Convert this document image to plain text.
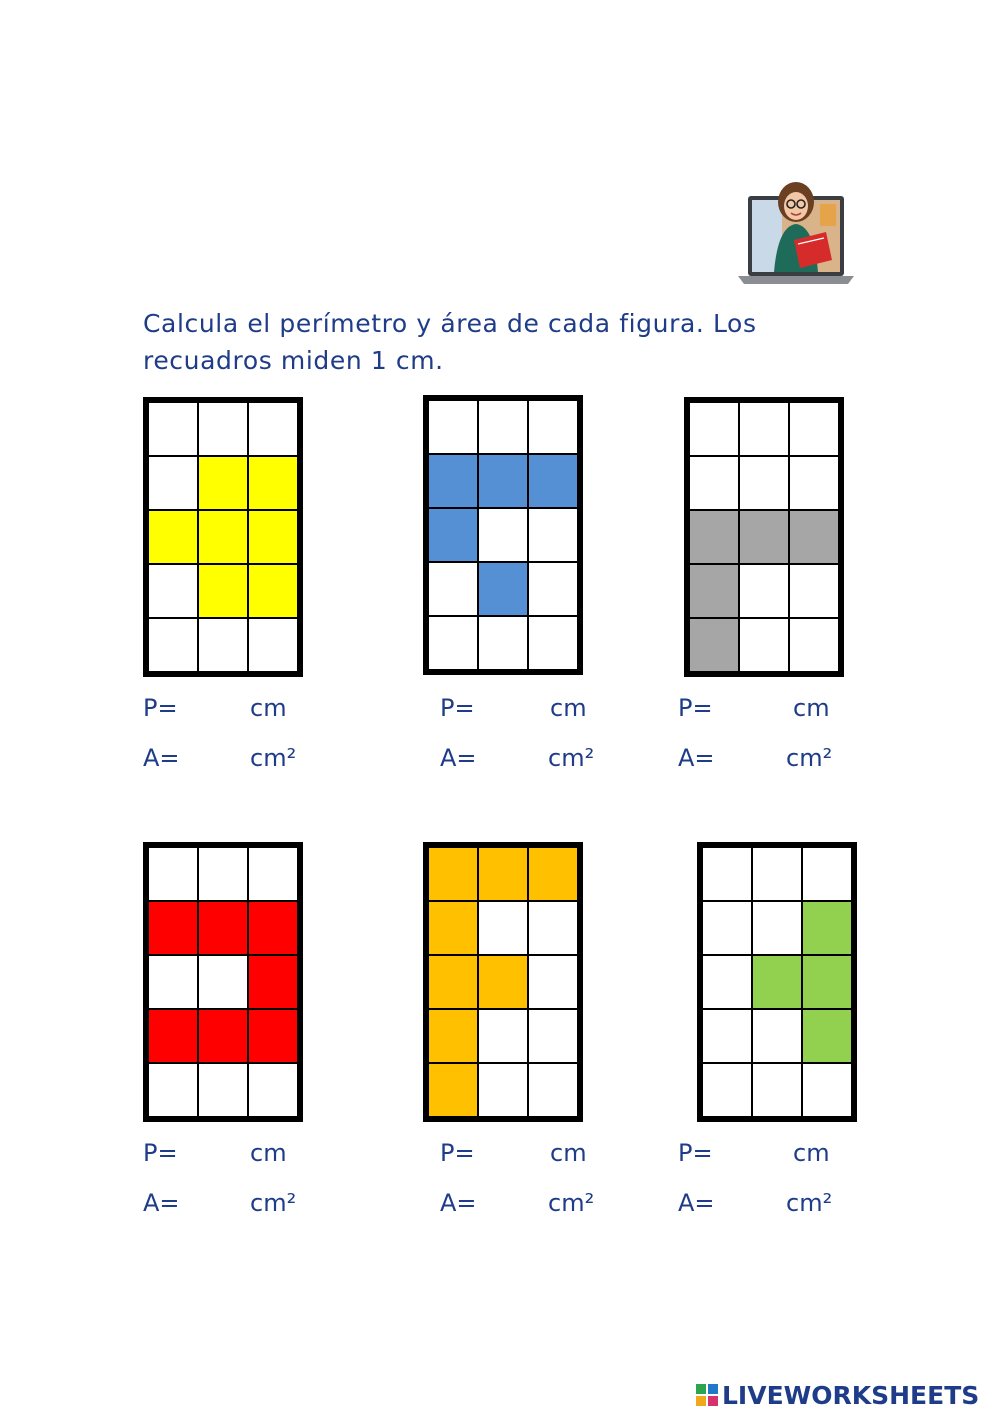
Calcula el perímetro y área de cada figura. Los
recuadros miden 1 cm.
P=	cm
A=	cm²
P=	cm
A=	cm²
P=	cm
A=	cm²
P=	cm
A=	cm²
P=	cm
A=	cm²
P=	cm
A=	cm²
LIVEWORKSHEETS
